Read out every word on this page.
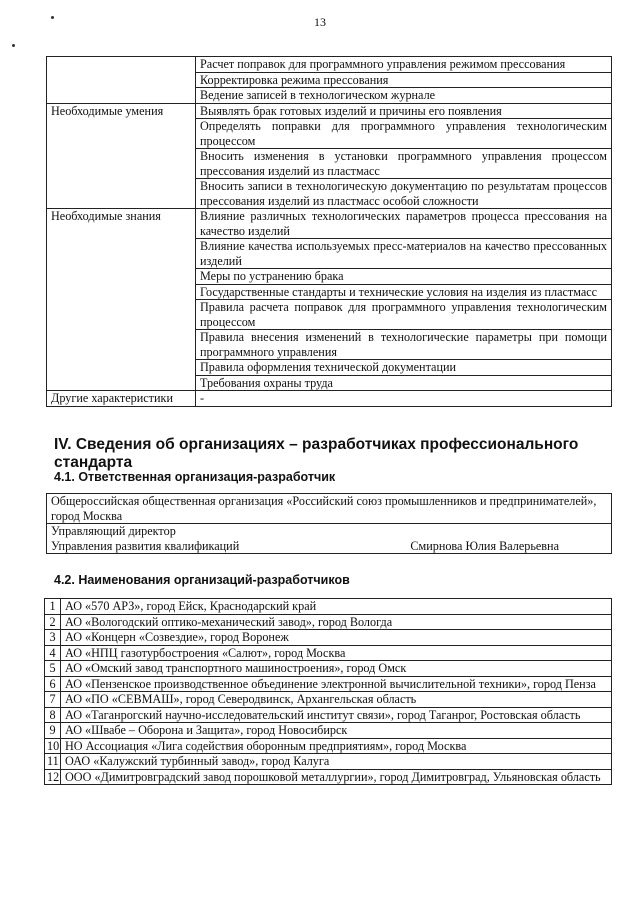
13
	Расчет поправок для программного управления режимом прессования
	Корректировка режима прессования
	Ведение записей в технологическом журнале
Необходимые умения	Выявлять брак готовых изделий и причины его появления
	Определять поправки для программного управления технологическим процессом
	Вносить изменения в установки программного управления процессом прессования изделий из пластмасс
	Вносить записи в технологическую документацию по результатам процессов прессования изделий из пластмасс особой сложности
Необходимые знания	Влияние различных технологических параметров процесса прессования на качество изделий
	Влияние качества используемых пресс-материалов на качество прессованных изделий
	Меры по устранению брака
	Государственные стандарты и технические условия на изделия из пластмасс
	Правила расчета поправок для программного управления технологическим процессом
	Правила внесения изменений в технологические параметры при помощи программного управления
	Правила оформления технической документации
	Требования охраны труда
Другие характеристики	-
IV. Сведения об организациях – разработчиках профессионального стандарта
4.1. Ответственная организация-разработчик
Общероссийская общественная организация «Российский союз промышленников и предпринимателей», город Москва

Управляющий директор
Управления развития квалификаций	Смирнова Юлия Валерьевна
4.2. Наименования организаций-разработчиков
1	АО «570 АРЗ», город Ейск, Краснодарский край
2	АО «Вологодский оптико-механический завод», город Вологда
3	АО «Концерн «Созвездие», город Воронеж
4	АО «НПЦ газотурбостроения «Салют», город Москва
5	АО «Омский завод транспортного машиностроения», город Омск
6	АО «Пензенское производственное объединение электронной вычислительной техники», город Пенза
7	АО «ПО «СЕВМАШ», город Северодвинск, Архангельская область
8	АО «Таганрогский научно-исследовательский институт связи», город Таганрог, Ростовская область
9	АО «Швабе – Оборона и Защита», город Новосибирск
10	НО Ассоциация «Лига содействия оборонным предприятиям», город Москва
11	ОАО «Калужский турбинный завод», город Калуга
12	ООО «Димитровградский завод порошковой металлургии», город Димитровград, Ульяновская область
